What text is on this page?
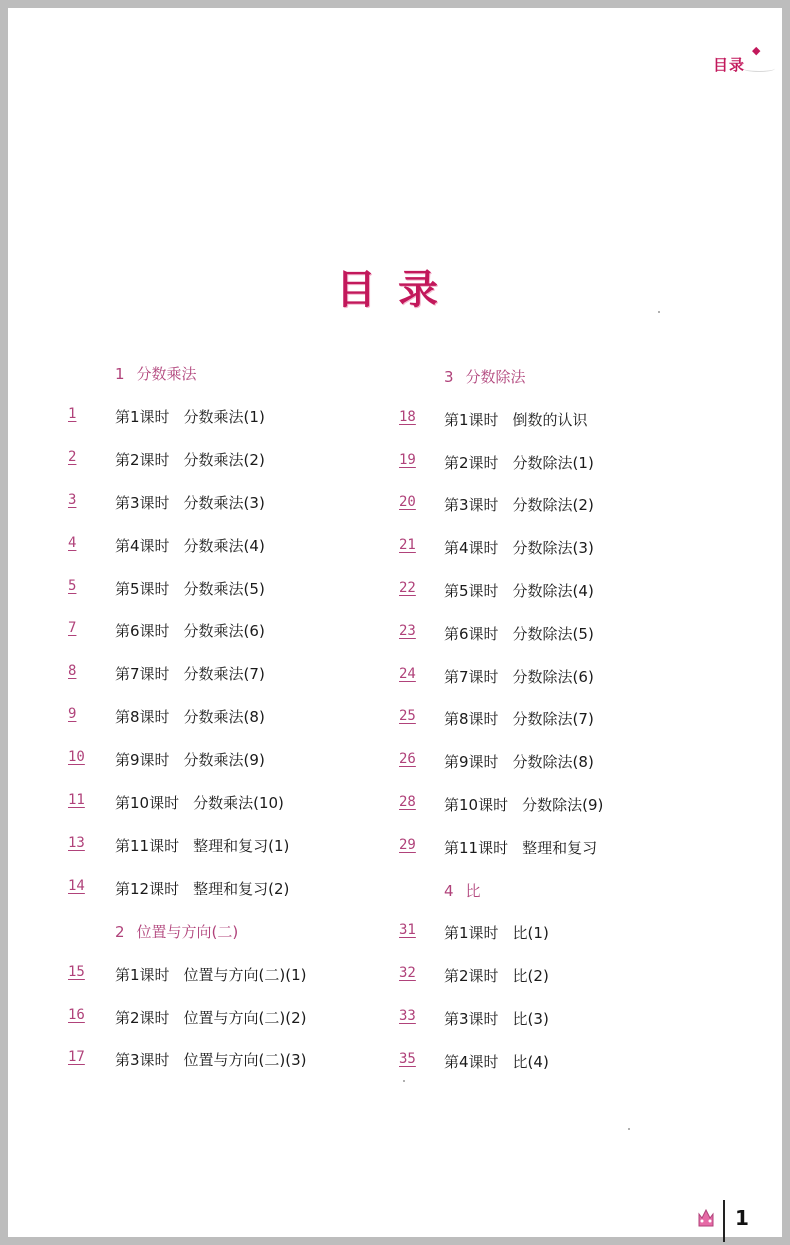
◆
目录
目录
1 分数乘法
1	第1课时 分数乘法(1)
2	第2课时 分数乘法(2)
3	第3课时 分数乘法(3)
4	第4课时 分数乘法(4)
5	第5课时 分数乘法(5)
7	第6课时 分数乘法(6)
8	第7课时 分数乘法(7)
9	第8课时 分数乘法(8)
10 第9课时 分数乘法(9)
11 第10课时 分数乘法(10)
13 第11课时 整理和复习(1)
14 第12课时 整理和复习(2)
2 位置与方向(二)
15 第1课时 位置与方向(二)(1)
16 第2课时 位置与方向(二)(2)
17 第3课时 位置与方向(二)(3)
3 分数除法
18 第1课时 倒数的认识
19 第2课时 分数除法(1)
20 第3课时 分数除法(2)
21 第4课时 分数除法(3)
22 第5课时 分数除法(4)
23 第6课时 分数除法(5)
24 第7课时 分数除法(6)
25 第8课时 分数除法(7)
26 第9课时 分数除法(8)
28 第10课时 分数除法(9)
29 第11课时 整理和复习
4 比
31 第1课时 比(1)
32 第2课时 比(2)
33 第3课时 比(3)
35 第4课时 比(4)
1
